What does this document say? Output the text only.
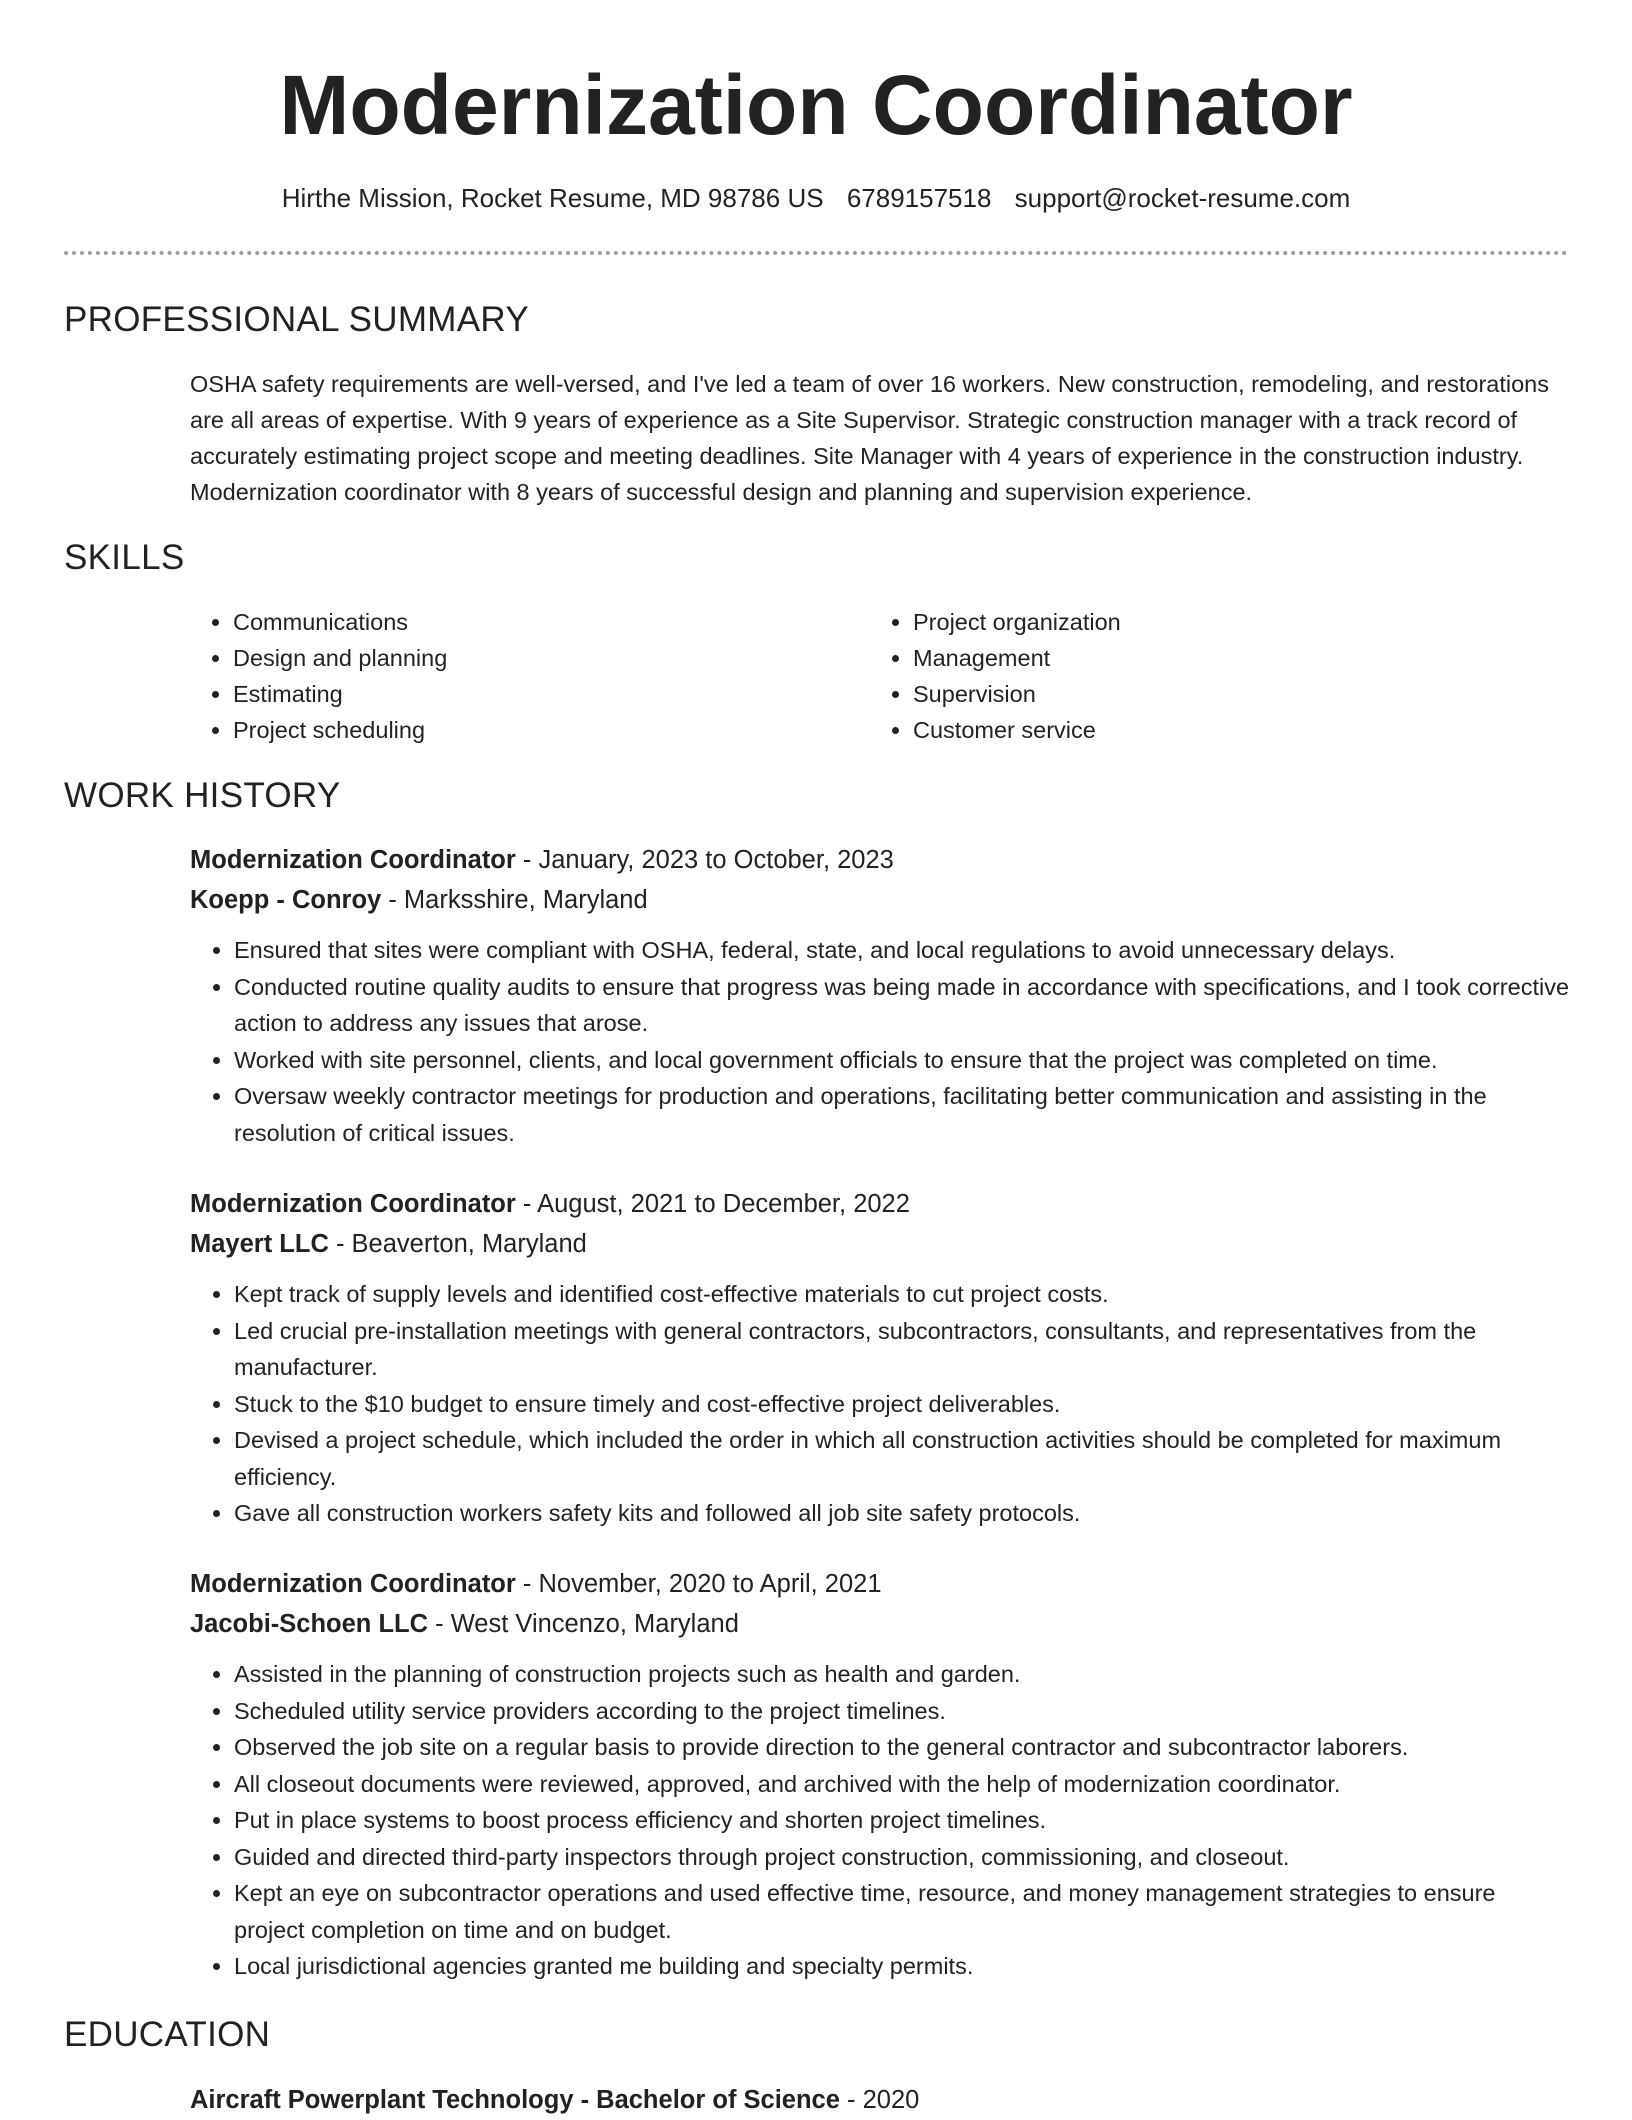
Modernization Coordinator
Hirthe Mission, Rocket Resume, MD 98786 US 6789157518 support@rocket-resume.com
PROFESSIONAL SUMMARY

OSHA safety requirements are well-versed, and I've led a team of over 16 workers. New construction, remodeling, and restorations are all areas of expertise. With 9 years of experience as a Site Supervisor. Strategic construction manager with a track record of accurately estimating project scope and meeting deadlines. Site Manager with 4 years of experience in the construction industry. Modernization coordinator with 8 years of successful design and planning and supervision experience.

SKILLS
• Communications
• Design and planning
• Estimating
• Project scheduling
• Project organization
• Management
• Supervision
• Customer service
WORK HISTORY

Modernization Coordinator - January, 2023 to October, 2023

Koepp - Conroy - Marksshire, Maryland

• Ensured that sites were compliant with OSHA, federal, state, and local regulations to avoid unnecessary delays.
• Conducted routine quality audits to ensure that progress was being made in accordance with specifications, and I took corrective action to address any issues that arose.
• Worked with site personnel, clients, and local government officials to ensure that the project was completed on time.
• Oversaw weekly contractor meetings for production and operations, facilitating better communication and assisting in the resolution of critical issues.

Modernization Coordinator - August, 2021 to December, 2022

Mayert LLC - Beaverton, Maryland

• Kept track of supply levels and identified cost-effective materials to cut project costs.
• Led crucial pre-installation meetings with general contractors, subcontractors, consultants, and representatives from the manufacturer.
• Stuck to the $10 budget to ensure timely and cost-effective project deliverables.
• Devised a project schedule, which included the order in which all construction activities should be completed for maximum efficiency.
• Gave all construction workers safety kits and followed all job site safety protocols.

Modernization Coordinator - November, 2020 to April, 2021

Jacobi-Schoen LLC - West Vincenzo, Maryland

• Assisted in the planning of construction projects such as health and garden.
• Scheduled utility service providers according to the project timelines.
• Observed the job site on a regular basis to provide direction to the general contractor and subcontractor laborers.
• All closeout documents were reviewed, approved, and archived with the help of modernization coordinator.
• Put in place systems to boost process efficiency and shorten project timelines.
• Guided and directed third-party inspectors through project construction, commissioning, and closeout.
• Kept an eye on subcontractor operations and used effective time, resource, and money management strategies to ensure project completion on time and on budget.
• Local jurisdictional agencies granted me building and specialty permits.
EDUCATION

Aircraft Powerplant Technology - Bachelor of Science - 2020
